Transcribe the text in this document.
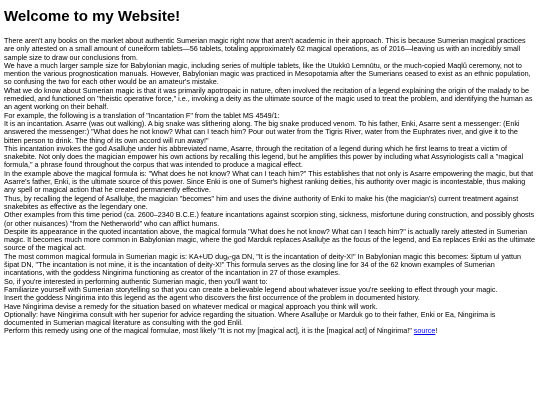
Welcome to my Website!

There aren't any books on the market about authentic Sumerian magic right now that aren't academic in their approach. This is because Sumerian magical practices are only attested on a small amount of cuneiform tablets—56 tablets, totaling approximately 62 magical operations, as of 2016—leaving us with an incredibly small sample size to draw our conclusions from.

We have a much larger sample size for Babylonian magic, including series of multiple tablets, like the Utukkū Lemnūtu, or the much-copied Maqlû ceremony, not to mention the various prognostication manuals. However, Babylonian magic was practiced in Mesopotamia after the Sumerians ceased to exist as an ethnic population, so confusing the two for each other would be an amateur's mistake.

What we do know about Sumerian magic is that it was primarily apotropaic in nature, often involved the recitation of a legend explaining the origin of the malady to be remedied, and functioned on "theistic operative force," i.e., invoking a deity as the ultimate source of the magic used to treat the problem, and identifying the human as an agent working on their behalf.

For example, the following is a translation of "Incantation F" from the tablet MS 4549/1:

It is an incantation. Asarre (was out walking). A big snake was slithering along. The big snake produced venom. To his father, Enki, Asarre sent a messenger: (Enki answered the messenger:) "What does he not know? What can I teach him? Pour out water from the Tigris River, water from the Euphrates river, and give it to the bitten person to drink. The thing of its own accord will run away!"

This incantation invokes the god Asalluḫe under his abbreviated name, Asarre, through the recitation of a legend during which he first learns to treat a victim of snakebite. Not only does the magician empower his own actions by recalling this legend, but he amplifies this power by including what Assyriologists call a "magical formula," a phrase found throughout the corpus that was intended to produce a magical effect.

In the example above the magical formula is: "What does he not know? What can I teach him?" This establishes that not only is Asarre empowering the magic, but that Asarre's father, Enki, is the ultimate source of this power. Since Enki is one of Sumer's highest ranking deities, his authority over magic is incontestable, thus making any spell or magical action that he created permanently effective.

Thus, by recalling the legend of Asalluḫe, the magician "becomes" him and uses the divine authority of Enki to make his (the magician's) current treatment against snakebites as effective as the legendary one.

Other examples from this time period (ca. 2600–2340 B.C.E.) feature incantations against scorpion sting, sickness, misfortune during construction, and possibly ghosts (or other nuisances) "from the Netherworld" who can afflict humans.

Despite its appearance in the quoted incantation above, the magical formula "What does he not know? What can I teach him?" is actually rarely attested in Sumerian magic. It becomes much more common in Babylonian magic, where the god Marduk replaces Asalluḫe as the focus of the legend, and Ea replaces Enki as the ultimate source of the magical act.

The most common magical formula in Sumerian magic is: KA+UD dugₓ-ga DN, "It is the incantation of deity-X!" In Babylonian magic this becomes: šiptum ul yattun šipat DN, "The incantation is not mine, it is the incantation of deity-X!" This formula serves as the closing line for 34 of the 62 known examples of Sumerian incantations, with the goddess Ningirima functioning as creator of the incantation in 27 of those examples.

So, if you're interested in performing authentic Sumerian magic, then you'll want to:

Familiarize yourself with Sumerian storytelling so that you can create a believable legend about whatever issue you're seeking to effect through your magic.

Insert the goddess Ningirima into this legend as the agent who discovers the first occurrence of the problem in documented history.

Have Ningirima devise a remedy for the situation based on whatever medical or magical approach you think will work.

Optionally: have Ningirima consult with her superior for advice regarding the situation. Where Asalluḫe or Marduk go to their father, Enki or Ea, Ningirima is documented in Sumerian magical literature as consulting with the god Enlil.

Perform this remedy using one of the magical formulae, most likely "It is not my [magical act], it is the [magical act] of Ningirima!" source!
